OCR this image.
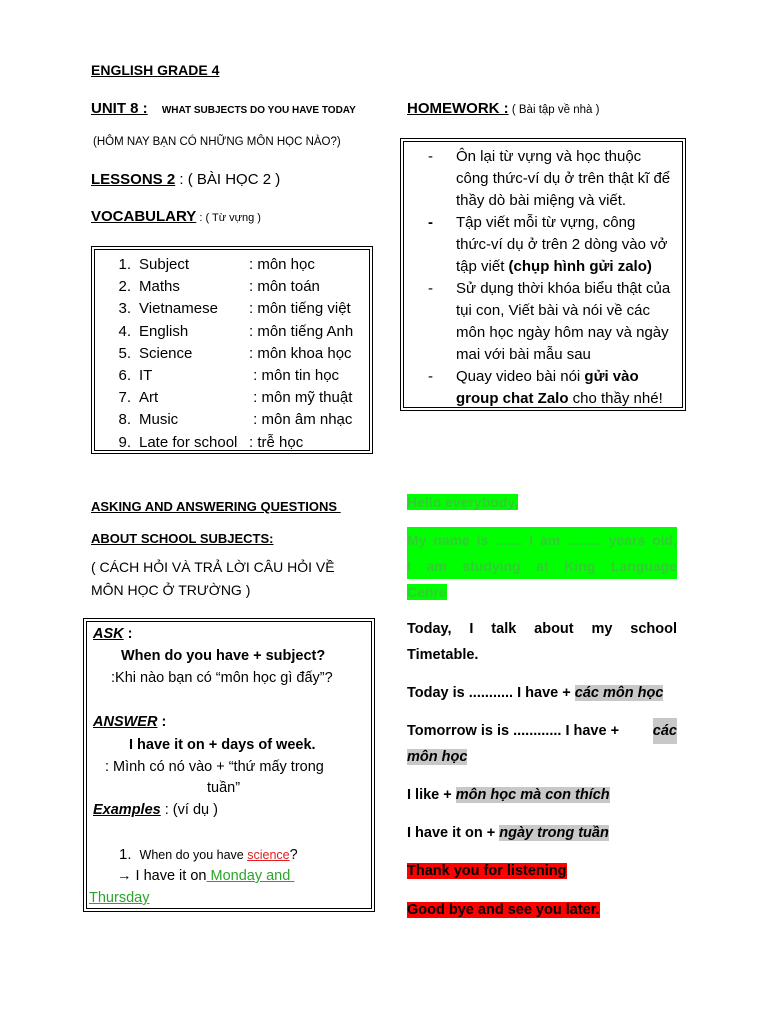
ENGLISH GRADE 4
UNIT 8 : WHAT SUBJECTS DO YOU HAVE TODAY
(HÔM NAY BẠN CÓ NHỮNG MÔN HỌC NÀO?)
LESSONS 2 : ( BÀI HỌC 2 )
VOCABULARY : ( Từ vựng )
1. Subject	: môn học
2. Maths	: môn toán
3. Vietnamese	: môn tiếng việt
4. English	: môn tiếng Anh
5. Science	: môn khoa học
6. IT	: môn tin học
7. Art	: môn mỹ thuật
8. Music	: môn âm nhạc
9. Late for school : trễ học
ASKING AND ANSWERING QUESTIONS
ABOUT SCHOOL SUBJECTS:
( CÁCH HỎI VÀ TRẢ LỜI CÂU HỎI VỀ
MÔN HỌC Ở TRƯỜNG )
ASK :
When do you have + subject?
:Khi nào bạn có “môn học gì đấy”?
ANSWER :
I have it on + days of week.
: Mình có nó vào + “thứ mấy trong
tuần”
Examples : (ví dụ )
1. When do you have science?
→ I have it on Monday and
Thursday
HOMEWORK : ( Bài tập về nhà )
- Ôn lại từ vựng và học thuộc công thức-ví dụ ở trên thật kĩ để thầy dò bài miệng và viết.
- Tập viết mỗi từ vựng, công thức-ví dụ ở trên 2 dòng vào vở tập viết (chụp hình gửi zalo)
- Sử dụng thời khóa biểu thật của tụi con, Viết bài và nói về các môn học ngày hôm nay và ngày mai với bài mẫu sau
- Quay video bài nói gửi vào group chat Zalo cho thầy nhé!
Hello everybody,
My name is ....... I am ......... years old,
I am studying at King Language
Cenre
Today, I talk about my school
Timetable.
Today is ........... I have + các môn học
Tomorrow is is ............ I have + các
môn học
I like + môn học mà con thích
I have it on + ngày trong tuần
Thank you for listening
Good bye and see you later.
